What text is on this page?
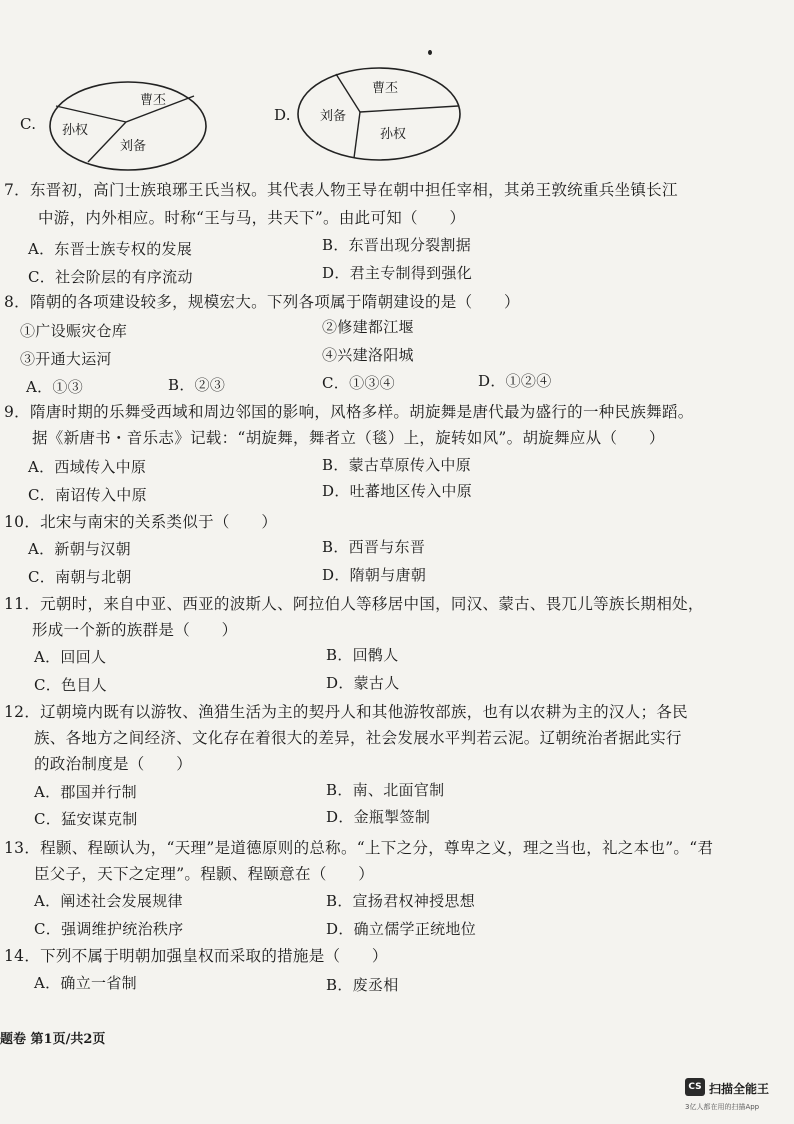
C.
曹丕
孙权
刘备
D.
曹丕
刘备
孙权
7．东晋初，高门士族琅琊王氏当权。其代表人物王导在朝中担任宰相，其弟王敦统重兵坐镇长江
中游，内外相应。时称“王与马，共天下”。由此可知（　　）
A．东晋士族专权的发展	B．东晋出现分裂割据
C．社会阶层的有序流动	D．君主专制得到强化
8．隋朝的各项建设较多，规模宏大。下列各项属于隋朝建设的是（　　）
①广设赈灾仓库	②修建都江堰
③开通大运河	④兴建洛阳城
A．①③	B．②③	C．①③④	D．①②④
9．隋唐时期的乐舞受西域和周边邻国的影响，风格多样。胡旋舞是唐代最为盛行的一种民族舞蹈。
据《新唐书・音乐志》记载：“胡旋舞，舞者立（毯）上，旋转如风”。胡旋舞应从（　　）
A．西域传入中原	B．蒙古草原传入中原
C．南诏传入中原	D．吐蕃地区传入中原
10．北宋与南宋的关系类似于（　　）
A．新朝与汉朝	B．西晋与东晋
C．南朝与北朝	D．隋朝与唐朝
11．元朝时，来自中亚、西亚的波斯人、阿拉伯人等移居中国，同汉、蒙古、畏兀儿等族长期相处，
形成一个新的族群是（　　）
A．回回人	B．回鹘人
C．色目人	D．蒙古人
12．辽朝境内既有以游牧、渔猎生活为主的契丹人和其他游牧部族，也有以农耕为主的汉人；各民
族、各地方之间经济、文化存在着很大的差异，社会发展水平判若云泥。辽朝统治者据此实行
的政治制度是（　　）
A．郡国并行制	B．南、北面官制
C．猛安谋克制	D．金瓶掣签制
13．程颢、程颐认为，“天理”是道德原则的总称。“上下之分，尊卑之义，理之当也，礼之本也”。“君
臣父子，天下之定理”。程颢、程颐意在（　　）
A．阐述社会发展规律	B．宣扬君权神授思想
C．强调维护统治秩序	D．确立儒学正统地位
14．下列不属于明朝加强皇权而采取的措施是（　　）
A．确立一省制	B．废丞相
题卷 第1页/共2页
CS 扫描全能王
3亿人都在用的扫描App
